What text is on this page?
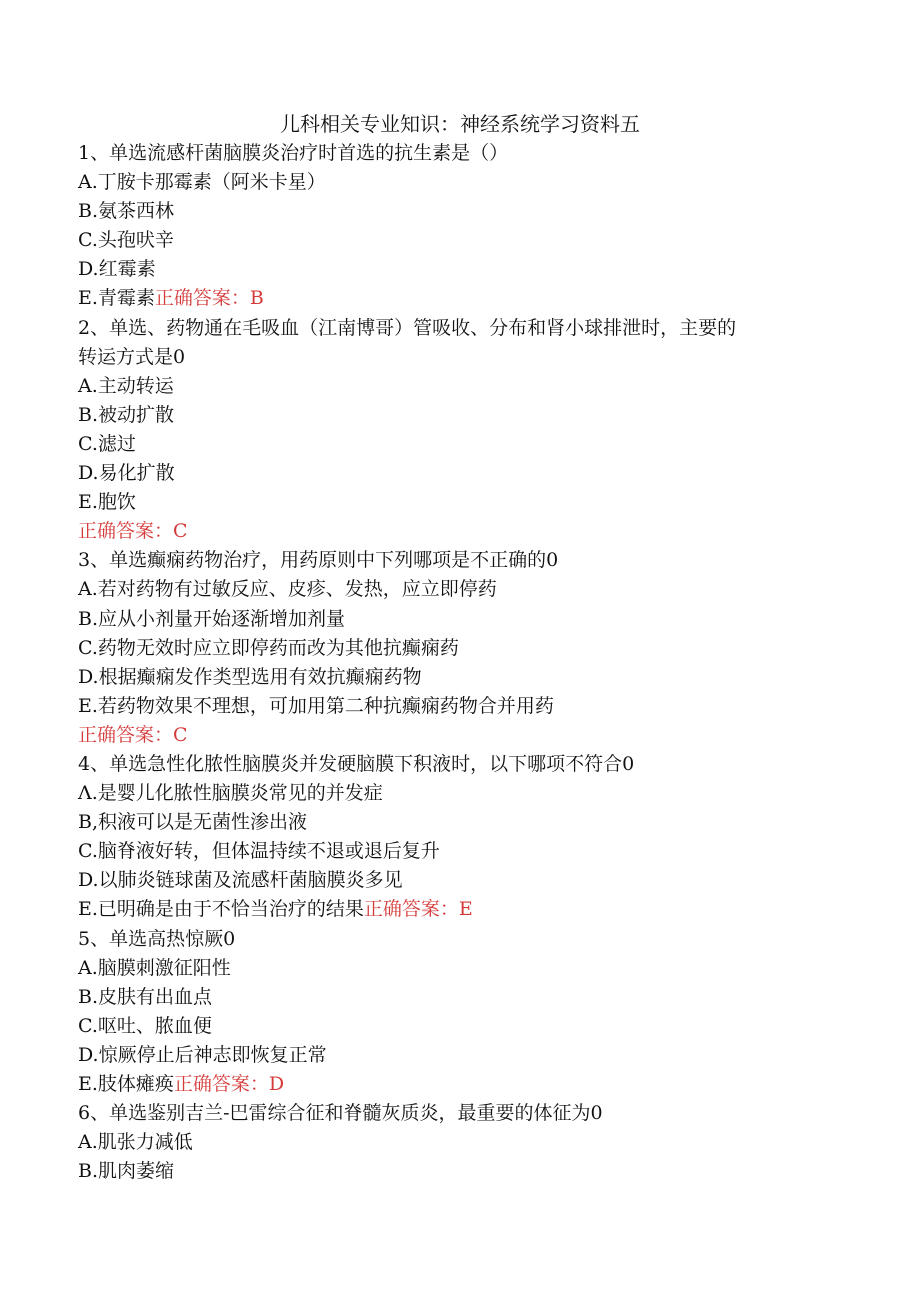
儿科相关专业知识：神经系统学习资料五
1、单选流感杆菌脑膜炎治疗时首选的抗生素是（）
A.丁胺卡那霉素（阿米卡星）
B.氨茶西林
C.头孢吠辛
D.红霉素
E.青霉素正确答案：B
2、单选、药物通在毛吸血（江南博哥）管吸收、分布和肾小球排泄时，主要的
转运方式是0
A.主动转运
B.被动扩散
C.滤过
D.易化扩散
E.胞饮
正确答案：C
3、单选癫痫药物治疗，用药原则中下列哪项是不正确的0
A.若对药物有过敏反应、皮疹、发热，应立即停药
B.应从小剂量开始逐渐增加剂量
C.药物无效时应立即停药而改为其他抗癫痫药
D.根据癫痫发作类型选用有效抗癫痫药物
E.若药物效果不理想，可加用第二种抗癫痫药物合并用药
正确答案：C
4、单选急性化脓性脑膜炎并发硬脑膜下积液时，以下哪项不符合0
Λ.是婴儿化脓性脑膜炎常见的并发症
B,积液可以是无菌性渗出液
C.脑脊液好转，但体温持续不退或退后复升
D.以肺炎链球菌及流感杆菌脑膜炎多见
E.已明确是由于不恰当治疗的结果正确答案：E
5、单选高热惊厥0
A.脑膜刺激征阳性
B.皮肤有出血点
C.呕吐、脓血便
D.惊厥停止后神志即恢复正常
E.肢体瘫痪正确答案：D
6、单选鉴别吉兰-巴雷综合征和脊髓灰质炎，最重要的体征为0
A.肌张力减低
B.肌肉萎缩
